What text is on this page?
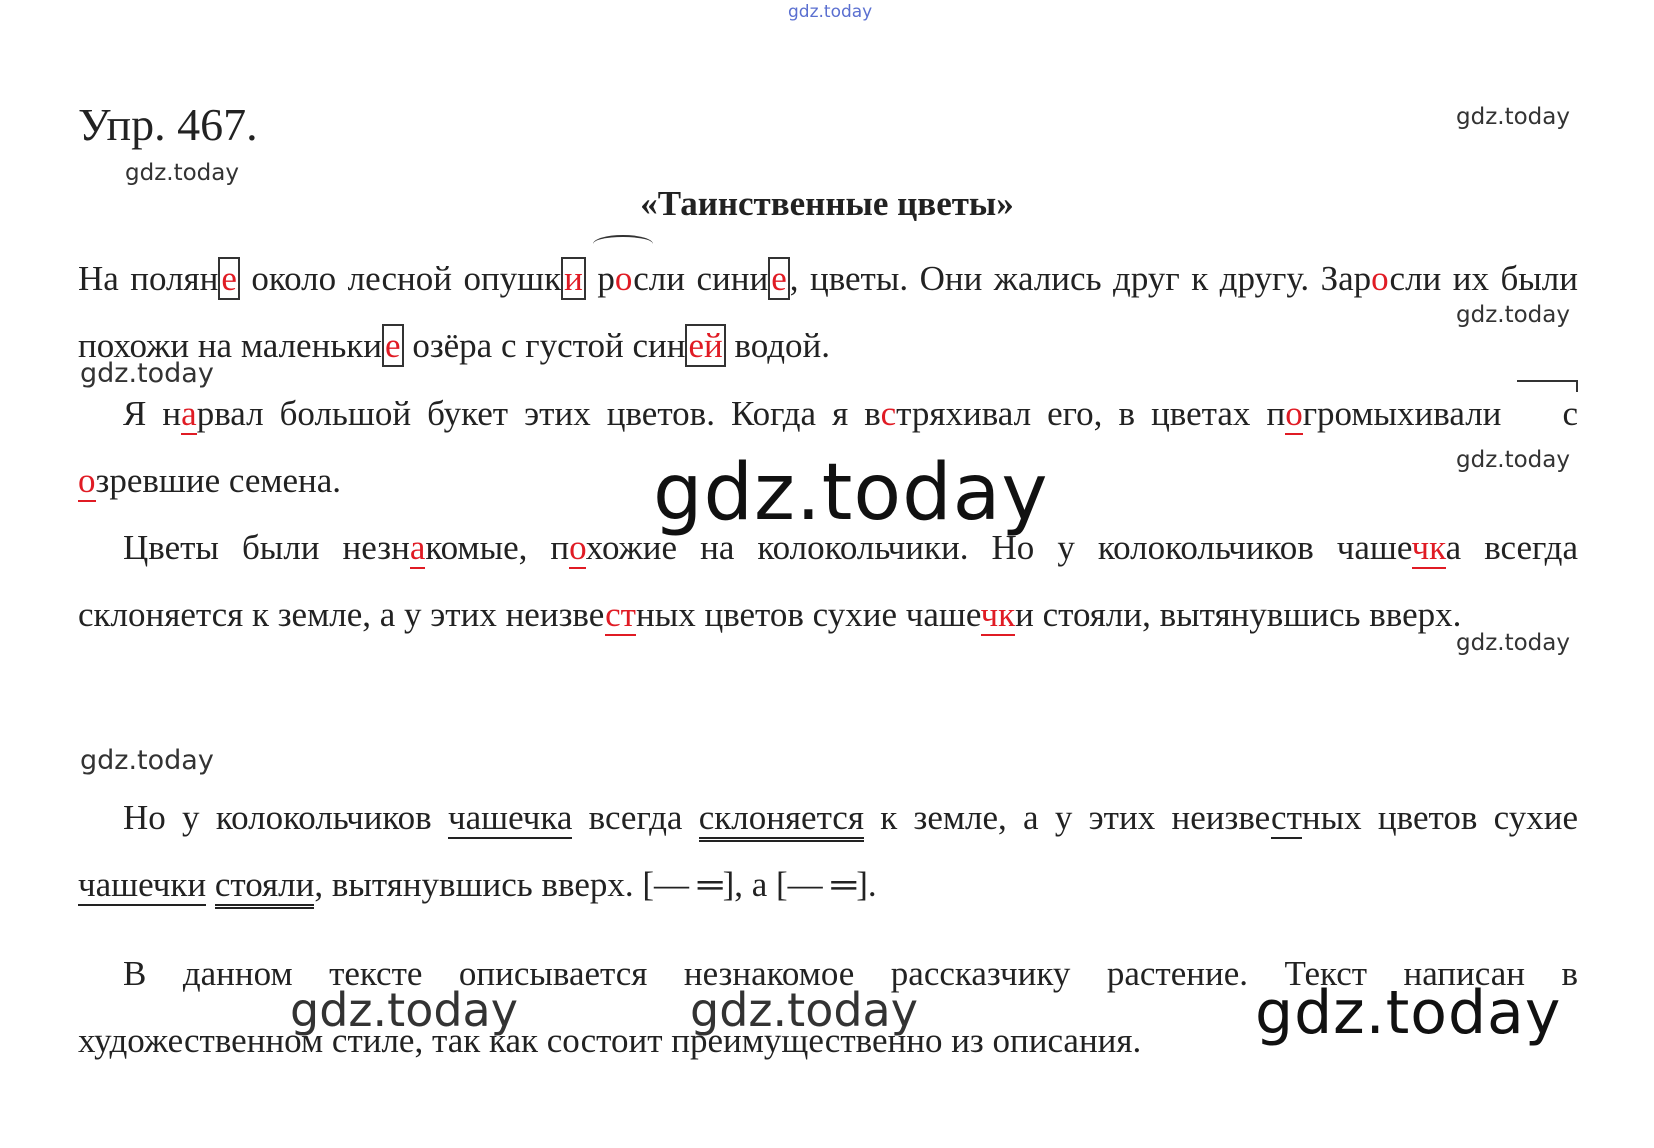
gdz.today
gdz.today
gdz.today
gdz.today
gdz.today
gdz.today
gdz.today
gdz.today
gdz.today
Упр. 467.
«Таинственные цветы»
На поляне около лесной опушки росли синие, цветы. Они жались друг к другу. Заросли их были похожи на маленькие озёра с густой синей водой.
Я нарвал большой букет этих цветов. Когда я встряхивал его, в цветах погромыхивали созревшие семена.
Цветы были незнакомые, похожие на колокольчики. Но у колокольчиков чашечка всегда склоняется к земле, а у этих неизвестных цветов сухие чашечки стояли, вытянувшись вверх.
Но у колокольчиков чашечка всегда склоняется к земле, а у этих неизвестных цветов сухие чашечки стояли, вытянувшись вверх. [— ═], а [— ═].
В данном тексте описывается незнакомое рассказчику растение. Текст написан в художественном стиле, так как состоит преимущественно из описания.
gdz.today	gdz.today	gdz.today
